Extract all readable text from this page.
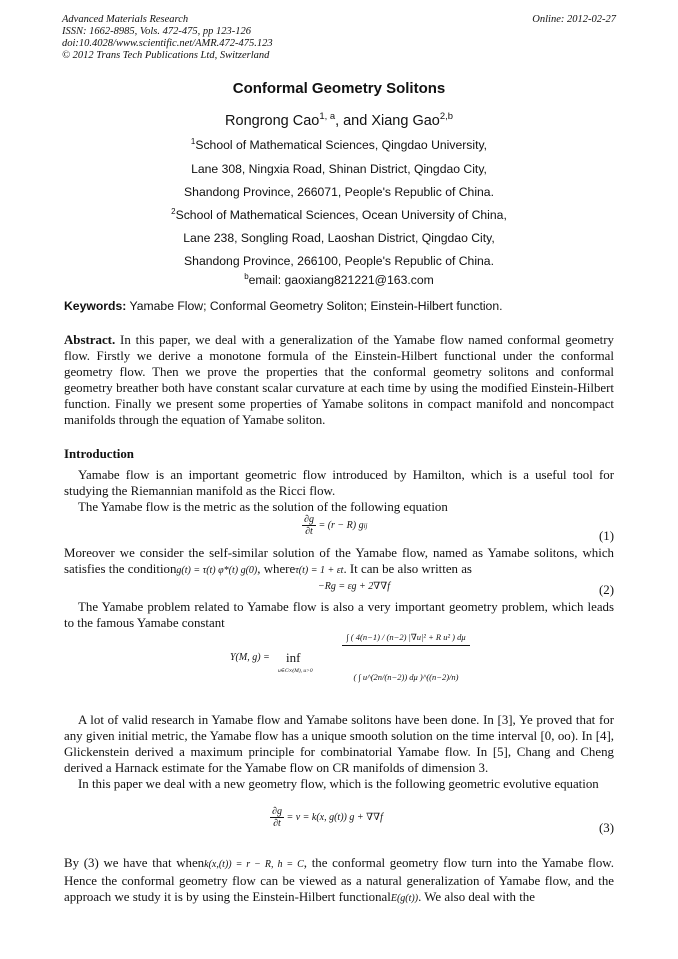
Advanced Materials Research
ISSN: 1662-8985, Vols. 472-475, pp 123-126
doi:10.4028/www.scientific.net/AMR.472-475.123
© 2012 Trans Tech Publications Ltd, Switzerland
Online: 2012-02-27
Conformal Geometry Solitons
Rongrong Cao$^{1, a}$, and Xiang Gao$^{2,b}$
$^1$School of Mathematical Sciences, Qingdao University,
Lane 308, Ningxia Road, Shinan District, Qingdao City,
Shandong Province, 266071, People's Republic of China.
$^2$School of Mathematical Sciences, Ocean University of China,
Lane 238, Songling Road, Laoshan District, Qingdao City,
Shandong Province, 266100, People's Republic of China.
$^b$email: gaoxiang821221@163.com
Keywords: Yamabe Flow; Conformal Geometry Soliton; Einstein-Hilbert function.
Abstract. In this paper, we deal with a generalization of the Yamabe flow named conformal geometry flow. Firstly we derive a monotone formula of the Einstein-Hilbert functional under the conformal geometry flow. Then we prove the properties that the conformal geometry solitons and conformal geometry breather both have constant scalar curvature at each time by using the modified Einstein-Hilbert function. Finally we present some properties of Yamabe solitons in compact manifold and noncompact manifolds through the equation of Yamabe soliton.
Introduction
Yamabe flow is an important geometric flow introduced by Hamilton, which is a useful tool for studying the Riemannian manifold as the Ricci flow.
The Yamabe flow is the metric as the solution of the following equation
$\frac{\partial g}{\partial t} = (r - R)$ gij
(1)
Moreover we consider the self-similar solution of the Yamabe flow, named as Yamabe solitons, which satisfies the conditiong(t) = τ(t) φ*(t) g(0), whereτ(t) = 1 + εt. It can be also written as
−Rg = εg + 2∇∇f	(2)
The Yamabe problem related to Yamabe flow is also a very important geometry problem, which leads to the famous Yamabe constant
Y(M, g) = inf
u∈C∞(M), u>0
∫ ( 4(n−1) / (n−2) |∇u|² + R u² ) dμ
( ∫ u^(2n/(n−2)) dμ )^((n−2)/n)
A lot of valid research in Yamabe flow and Yamabe solitons have been done. In [3], Ye proved that for any given initial metric, the Yamabe flow has a unique smooth solution on the time interval [0, oo). In [4], Glickenstein derived a maximum principle for combinatorial Yamabe flow. In [5], Chang and Cheng derived a Harnack estimate for the Yamabe flow on CR manifolds of dimension 3.
In this paper we deal with a new geometry flow, which is the following geometric evolutive equation
$\frac{\partial g}{\partial t} = v = k(x$, g(t)) g + ∇∇f
(3)
By (3) we have that whenk(x,(t)) = r − R, h = C, the conformal geometry flow turn into the Yamabe flow. Hence the conformal geometry flow can be viewed as a natural generalization of Yamabe flow, and the approach we study it is by using the Einstein-Hilbert functionalE(g(t)). We also deal with the
